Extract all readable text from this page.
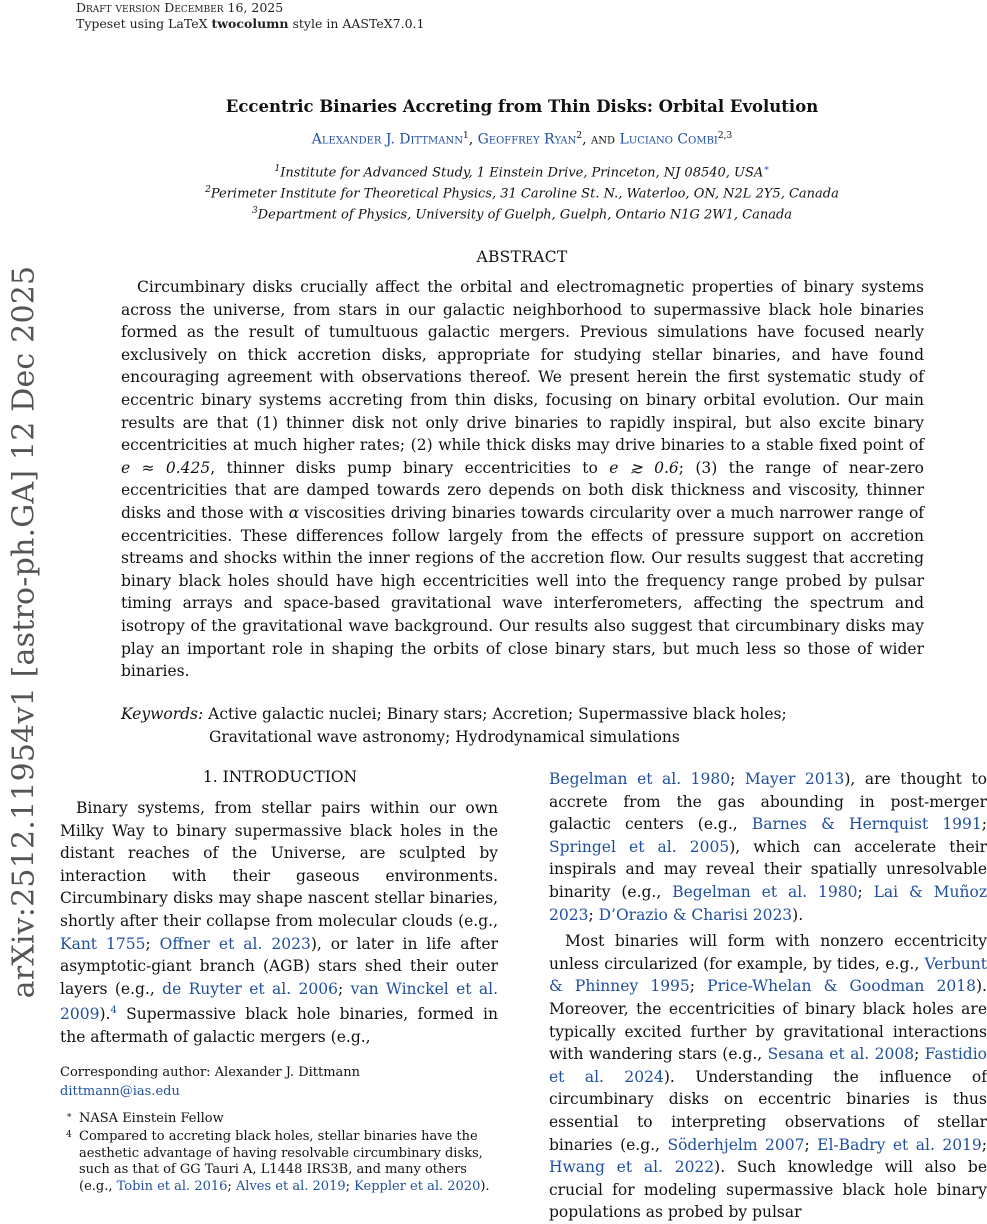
Draft version December 16, 2025
Typeset using LaTeX twocolumn style in AASTeX7.0.1
arXiv:2512.11954v1 [astro-ph.GA] 12 Dec 2025
Eccentric Binaries Accreting from Thin Disks: Orbital Evolution
Alexander J. Dittmann$^1$, Geoffrey Ryan$^2$, and Luciano Combi$^{2,3}$
$^1$Institute for Advanced Study, 1 Einstein Drive, Princeton, NJ 08540, USA∗
$^2$Perimeter Institute for Theoretical Physics, 31 Caroline St. N., Waterloo, ON, N2L 2Y5, Canada
$^3$Department of Physics, University of Guelph, Guelph, Ontario N1G 2W1, Canada
ABSTRACT
Circumbinary disks crucially affect the orbital and electromagnetic properties of binary systems across the universe, from stars in our galactic neighborhood to supermassive black hole binaries formed as the result of tumultuous galactic mergers. Previous simulations have focused nearly exclusively on thick accretion disks, appropriate for studying stellar binaries, and have found encouraging agreement with observations thereof. We present herein the first systematic study of eccentric binary systems accreting from thin disks, focusing on binary orbital evolution. Our main results are that (1) thinner disk not only drive binaries to rapidly inspiral, but also excite binary eccentricities at much higher rates; (2) while thick disks may drive binaries to a stable fixed point of e ≈ 0.425, thinner disks pump binary eccentricities to e ≳ 0.6; (3) the range of near-zero eccentricities that are damped towards zero depends on both disk thickness and viscosity, thinner disks and those with α viscosities driving binaries towards circularity over a much narrower range of eccentricities. These differences follow largely from the effects of pressure support on accretion streams and shocks within the inner regions of the accretion flow. Our results suggest that accreting binary black holes should have high eccentricities well into the frequency range probed by pulsar timing arrays and space-based gravitational wave interferometers, affecting the spectrum and isotropy of the gravitational wave background. Our results also suggest that circumbinary disks may play an important role in shaping the orbits of close binary stars, but much less so those of wider binaries.
Keywords: Active galactic nuclei; Binary stars; Accretion; Supermassive black holes;
Gravitational wave astronomy; Hydrodynamical simulations
1. INTRODUCTION

Binary systems, from stellar pairs within our own Milky Way to binary supermassive black holes in the distant reaches of the Universe, are sculpted by interaction with their gaseous environments. Circumbinary disks may shape nascent stellar binaries, shortly after their collapse from molecular clouds (e.g., Kant 1755; Offner et al. 2023), or later in life after asymptotic-giant branch (AGB) stars shed their outer layers (e.g., de Ruyter et al. 2006; van Winckel et al. 2009).$^4$ Supermassive black hole binaries, formed in the aftermath of galactic mergers (e.g.,

Begelman et al. 1980; Mayer 2013), are thought to accrete from the gas abounding in post-merger galactic centers (e.g., Barnes & Hernquist 1991; Springel et al. 2005), which can accelerate their inspirals and may reveal their spatially unresolvable binarity (e.g., Begelman et al. 1980; Lai & Muñoz 2023; D’Orazio & Charisi 2023).

Most binaries will form with nonzero eccentricity unless circularized (for example, by tides, e.g., Verbunt & Phinney 1995; Price-Whelan & Goodman 2018). Moreover, the eccentricities of binary black holes are typically excited further by gravitational interactions with wandering stars (e.g., Sesana et al. 2008; Fastidio et al. 2024). Understanding the influence of circumbinary disks on eccentric binaries is thus essential to interpreting observations of stellar binaries (e.g., Söderhjelm 2007; El-Badry et al. 2019; Hwang et al. 2022). Such knowledge will also be crucial for modeling supermassive black hole binary populations as probed by pulsar

Corresponding author: Alexander J. Dittmann

dittmann@ias.edu

∗ NASA Einstein Fellow

4 Compared to accreting black holes, stellar binaries have the aesthetic advantage of having resolvable circumbinary disks, such as that of GG Tauri A, L1448 IRS3B, and many others (e.g., Tobin et al. 2016; Alves et al. 2019; Keppler et al. 2020).
